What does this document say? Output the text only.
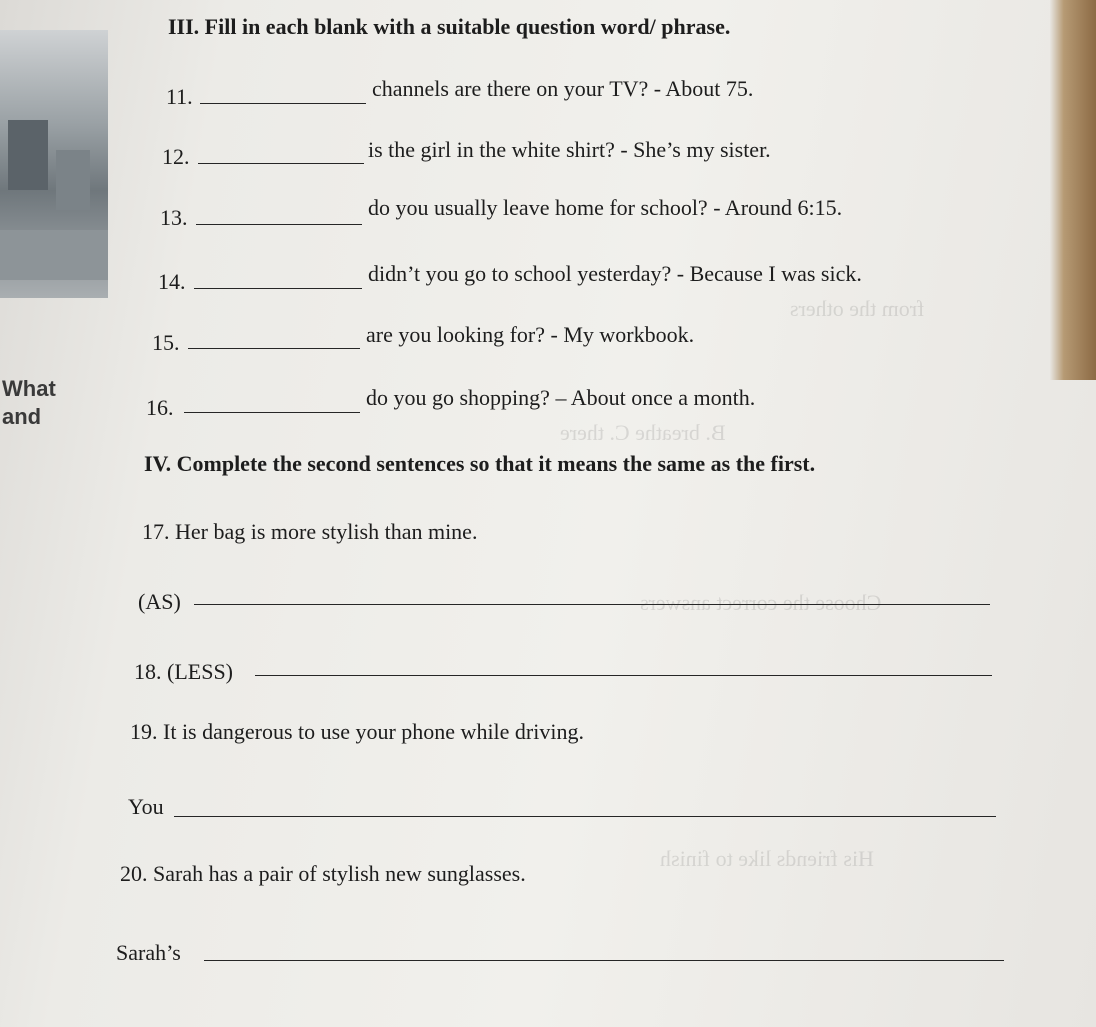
What
and
from the others
B. breathe C. there
Choose the correct answers
His friends like to finish
III. Fill in each blank with a suitable question word/ phrase.
11.	channels are there on your TV? - About 75.
12.	is the girl in the white shirt? - She’s my sister.
13.	do you usually leave home for school? - Around 6:15.
14.	didn’t you go to school yesterday? - Because I was sick.
15.	are you looking for? - My workbook.
16.	do you go shopping? – About once a month.
IV. Complete the second sentences so that it means the same as the first.
17. Her bag is more stylish than mine.
(AS)
18. (LESS)
19. It is dangerous to use your phone while driving.
You
20. Sarah has a pair of stylish new sunglasses.
Sarah’s
